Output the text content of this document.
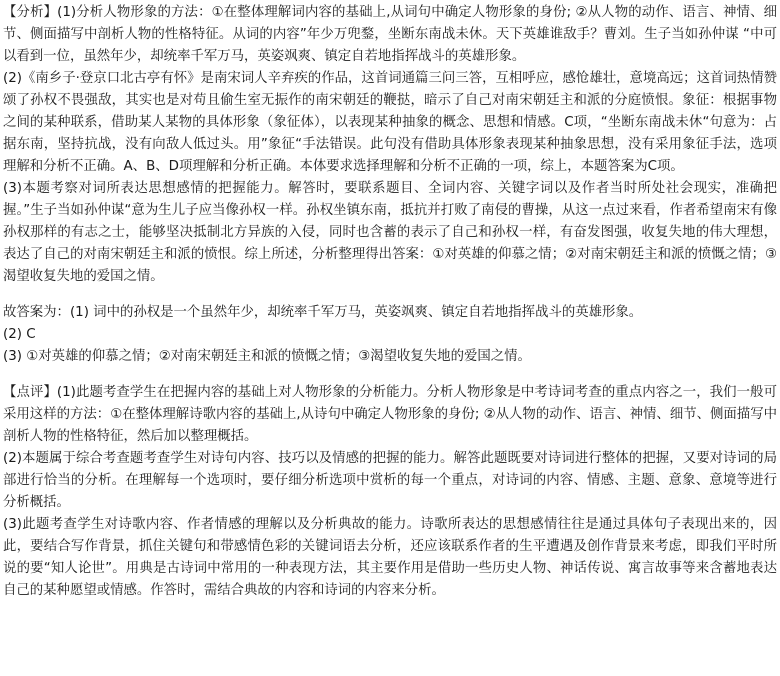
【分析】(1)分析人物形象的方法：①在整体理解词内容的基础上,从词句中确定人物形象的身份; ②从人物的动作、语言、神情、细节、侧面描写中剖析人物的性格特征。从词的内容”年少万兜鍪，坐断东南战未休。天下英雄谁敌手？曹刘。生子当如孙仲谋 “中可以看到一位，虽然年少，却统率千军万马，英姿飒爽、镇定自若地指挥战斗的英雄形象。

(2)《南乡子·登京口北古亭有怀》是南宋词人辛弃疾的作品，这首词通篇三问三答，互相呼应，感怆雄壮，意境高远；这首词热情赞颂了孙权不畏强敌，其实也是对苟且偷生室无振作的南宋朝廷的鞭挞，暗示了自己对南宋朝廷主和派的分庭愤恨。象征：根据事物之间的某种联系，借助某人某物的具体形象（象征体），以表现某种抽象的概念、思想和情感。C项，“坐断东南战未休“句意为：占据东南，坚持抗战，没有向敌人低过头。用”象征“手法错误。此句没有借助具体形象表现某种抽象思想，没有采用象征手法，选项理解和分析不正确。A、B、D项理解和分析正确。本体要求选择理解和分析不正确的一项，综上，本题答案为C项。

(3)本题考察对词所表达思想感情的把握能力。解答时，要联系题目、全词内容、关键字词以及作者当时所处社会现实，准确把握。”生子当如孙仲谋“意为生儿子应当像孙权一样。孙权坐镇东南，抵抗并打败了南侵的曹操，从这一点过来看，作者希望南宋有像孙权那样的有志之士，能够坚决抵制北方异族的入侵，同时也含蓄的表示了自己和孙权一样，有奋发图强，收复失地的伟大理想，表达了自己的对南宋朝廷主和派的愤恨。综上所述，分析整理得出答案：①对英雄的仰慕之情；②对南宋朝廷主和派的愤慨之情；③渴望收复失地的爱国之情。

故答案为：(1) 词中的孙权是一个虽然年少，却统率千军万马，英姿飒爽、镇定自若地指挥战斗的英雄形象。

(2) C

(3) ①对英雄的仰慕之情；②对南宋朝廷主和派的愤慨之情；③渴望收复失地的爱国之情。

【点评】(1)此题考查学生在把握内容的基础上对人物形象的分析能力。分析人物形象是中考诗词考查的重点内容之一，我们一般可采用这样的方法：①在整体理解诗歌内容的基础上,从诗句中确定人物形象的身份; ②从人物的动作、语言、神情、细节、侧面描写中剖析人物的性格特征，然后加以整理概括。

(2)本题属于综合考查题考查学生对诗句内容、技巧以及情感的把握的能力。解答此题既要对诗词进行整体的把握，又要对诗词的局部进行恰当的分析。在理解每一个选项时，要仔细分析选项中赏析的每一个重点，对诗词的内容、情感、主题、意象、意境等进行分析概括。

(3)此题考查学生对诗歌内容、作者情感的理解以及分析典故的能力。诗歌所表达的思想感情往往是通过具体句子表现出来的，因此，要结合写作背景，抓住关键句和带感情色彩的关键词语去分析，还应该联系作者的生平遭遇及创作背景来考虑，即我们平时所说的要“知人论世”。用典是古诗词中常用的一种表现方法，其主要作用是借助一些历史人物、神话传说、寓言故事等来含蓄地表达自己的某种愿望或情感。作答时，需结合典故的内容和诗词的内容来分析。
